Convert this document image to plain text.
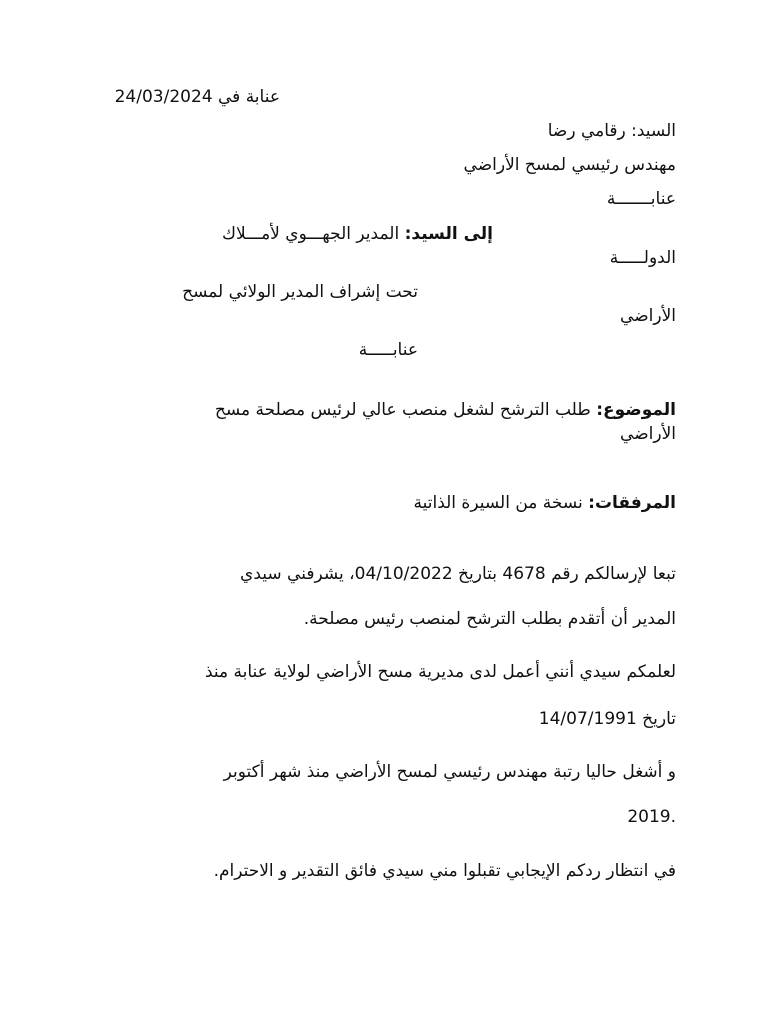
عنابة في 24/03/2024
السيد: رقامي رضا
مهندس رئيسي لمسح الأراضي
عنابـــــــة
إلى السيد: المدير الجهـــوي لأمـــلاك
الدولـــــة
تحت إشراف المدير الولائي لمسح
الأراضي
عنابـــــة
الموضوع: طلب الترشح لشغل منصب عالي لرئيس مصلحة مسح
الأراضي
المرفقات: نسخة من السيرة الذاتية
تبعا لإرسالكم رقم 4678 بتاريخ 04/10/2022، يشرفني سيدي
المدير أن أتقدم بطلب الترشح لمنصب رئيس مصلحة.
لعلمكم سيدي أنني أعمل لدى مديرية مسح الأراضي لولاية عنابة منذ
تاريخ 14/07/1991
و أشغل حاليا رتبة مهندس رئيسي لمسح الأراضي منذ شهر أكتوبر
2019.
في انتظار ردكم الإيجابي تقبلوا مني سيدي فائق التقدير و الاحترام.
